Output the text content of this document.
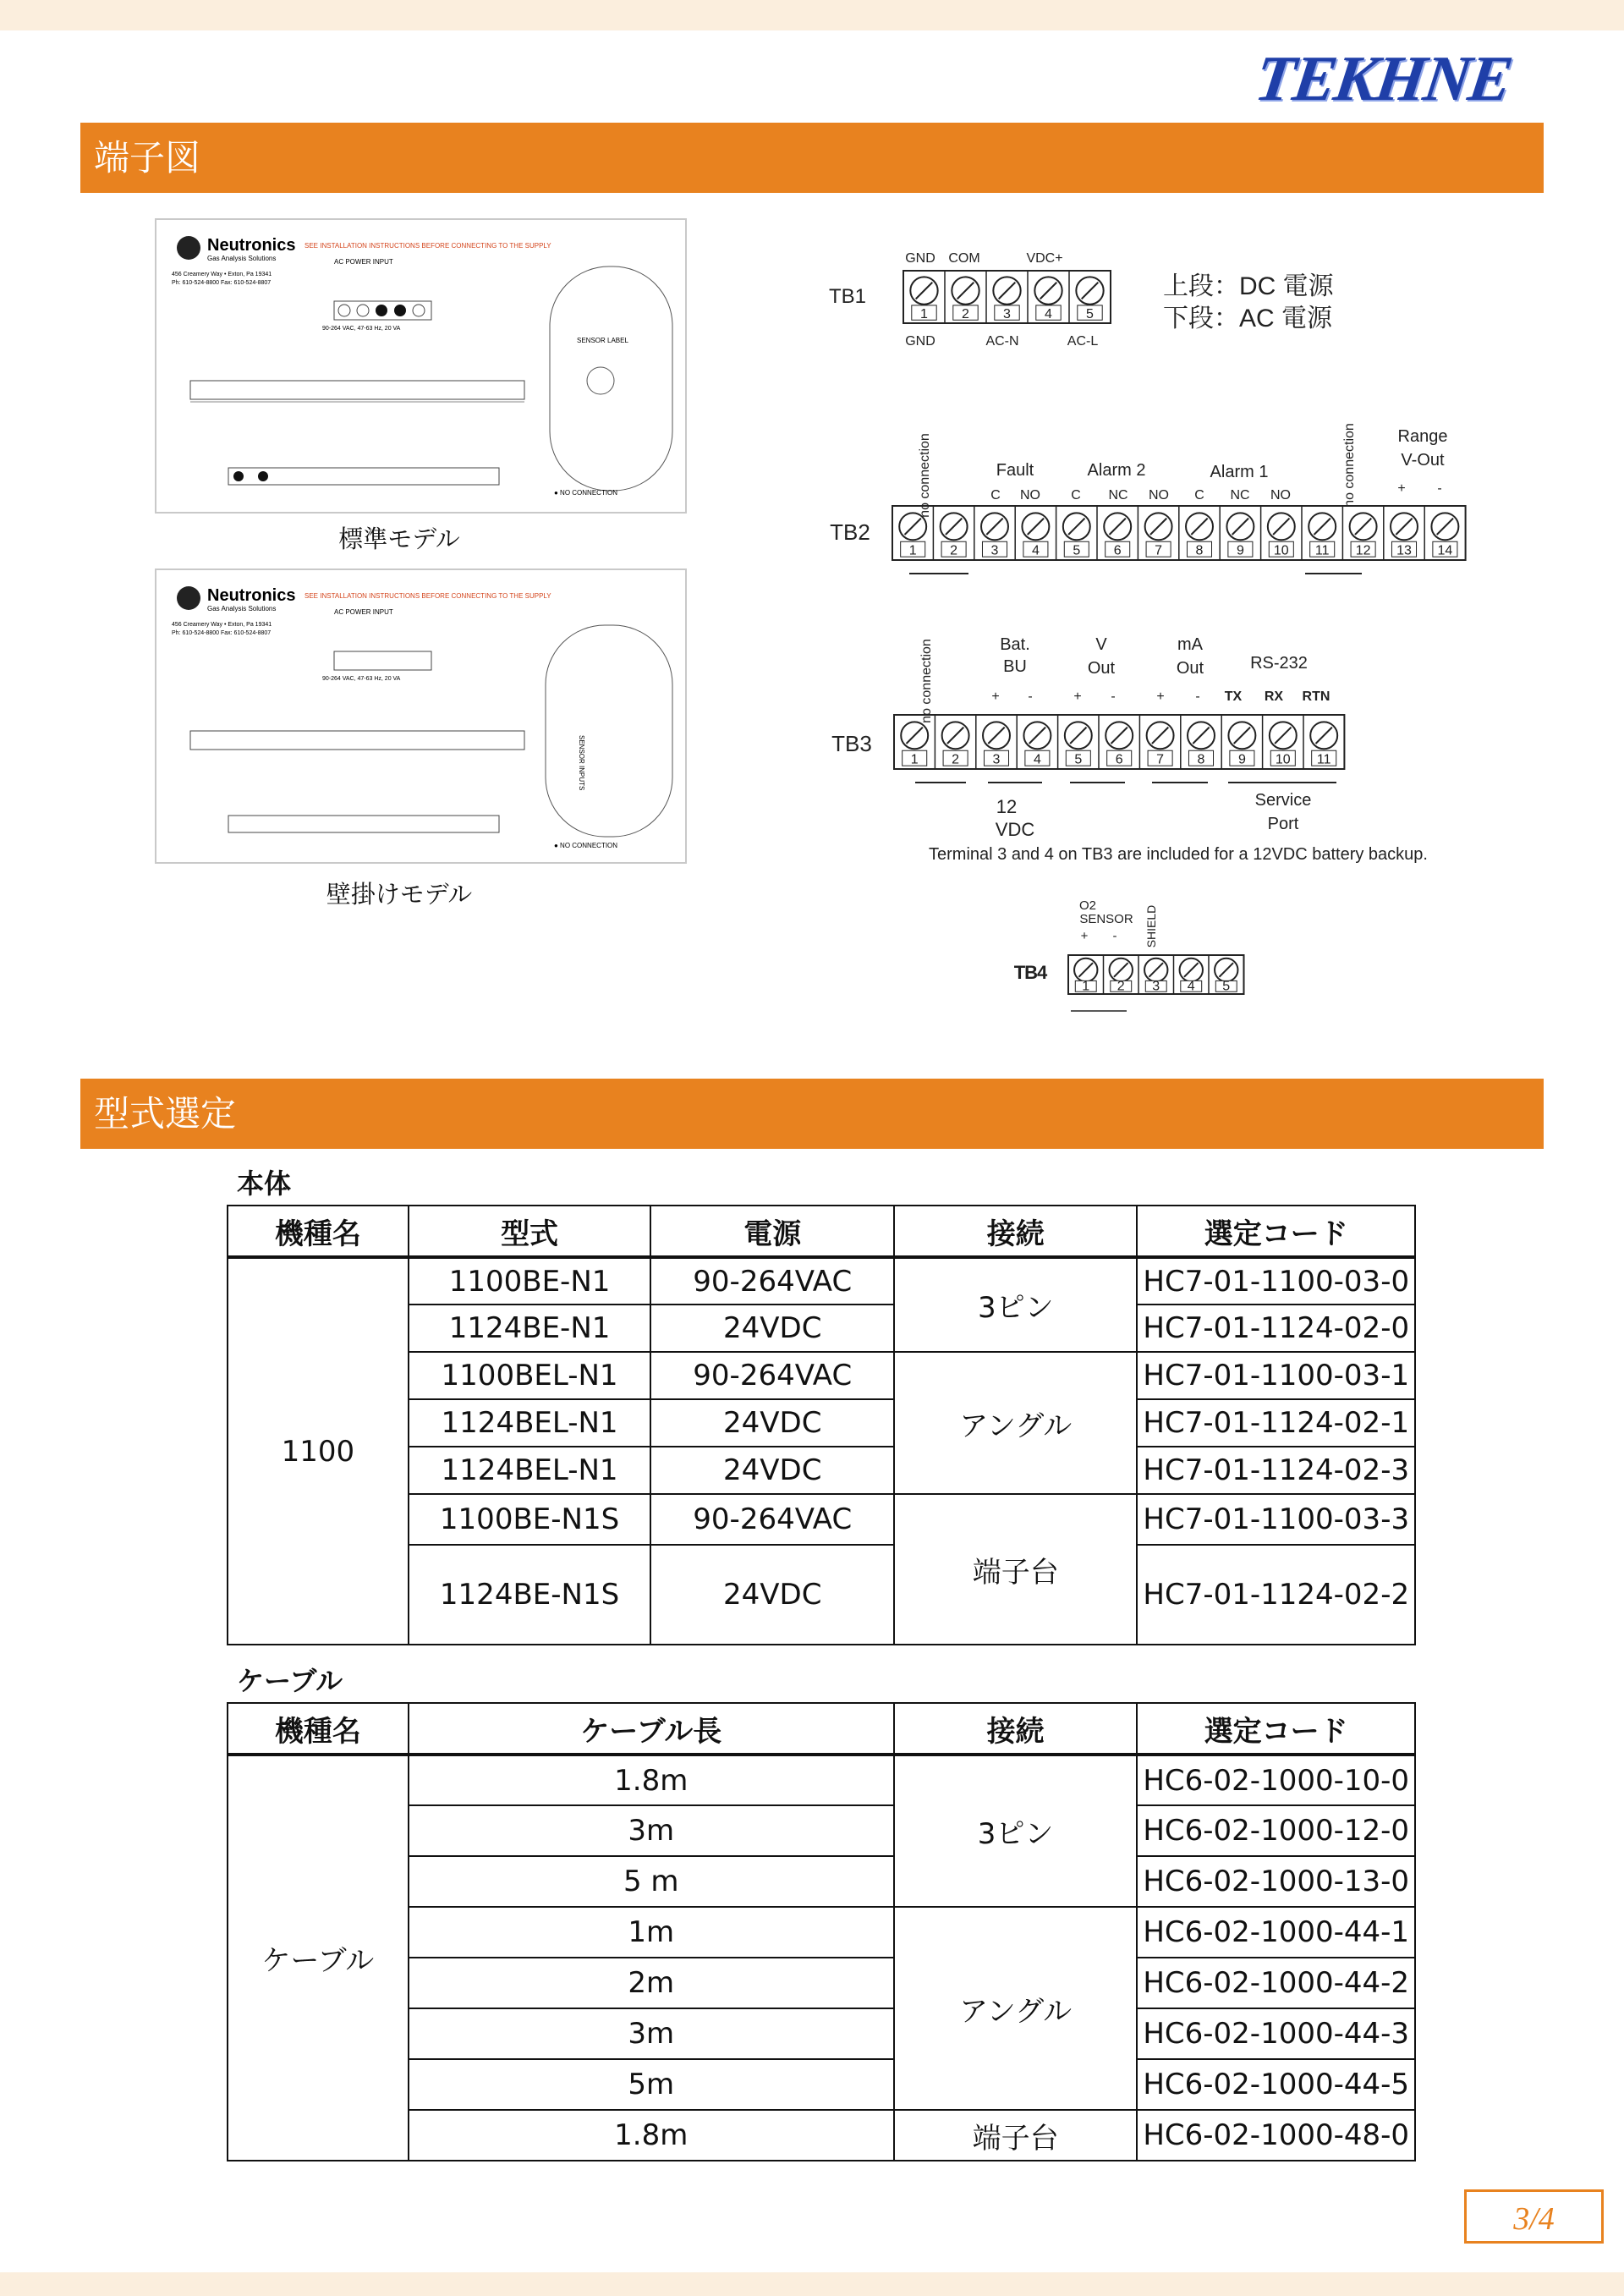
TEKHNE
端子図
Neutronics
Gas Analysis Solutions
SEE INSTALLATION INSTRUCTIONS BEFORE CONNECTING TO THE SUPPLY
AC POWER INPUT
456 Creamery Way • Exton, Pa 19341
Ph: 610-524-8800 Fax: 610-524-8807
90-264 VAC, 47-63 Hz, 20 VA
SENSOR LABEL
● NO CONNECTION
標準モデル
Neutronics
Gas Analysis Solutions
SEE INSTALLATION INSTRUCTIONS BEFORE CONNECTING TO THE SUPPLY
AC POWER INPUT
456 Creamery Way • Exton, Pa 19341
Ph: 610-524-8800 Fax: 610-524-8807
90-264 VAC, 47-63 Hz, 20 VA
SENSOR INPUTS
● NO CONNECTION
壁掛けモデル
TB1
1	2	3	4	5
GND COM	VDC+
GND	AC-N	AC-L
上段：DC 電源
下段：AC 電源
TB2
1 2 3 4 5 6 7 8 9 10 11 12 13 14
no connection	Fault	Alarm 2	Alarm 1	no connection Range
V-Out
C NO C NC NO C NC NO	+ -
TB3
1 2 3 4 5 6 7 8 9 10 11
no connection	Bat.
BU
V
Out
mA
Out	RS-232
+ -	+ -	+ - TX RX RTN
12
VDC
Service
Port
TB4
1 2 3 4 5
O2
SENSOR
+ - SHIELD
Terminal 3 and 4 on TB3 are included for a 12VDC battery backup.
型式選定
本体
機種名	型式	電源	接続	選定コード
1100	1100BE-N1	90-264VAC	3ピン	HC7-01-1100-03-0
	1124BE-N1	24VDC		HC7-01-1124-02-0
	1100BEL-N1	90-264VAC	アングル	HC7-01-1100-03-1
	1124BEL-N1	24VDC		HC7-01-1124-02-1
	1124BEL-N1	24VDC		HC7-01-1124-02-3
	1100BE-N1S	90-264VAC	端子台	HC7-01-1100-03-3
	1124BE-N1S	24VDC		HC7-01-1124-02-2
ケーブル
機種名	ケーブル長	接続	選定コード
ケーブル	1.8m	3ピン	HC6-02-1000-10-0
	3m		HC6-02-1000-12-0
	5 m		HC6-02-1000-13-0
	1m	アングル	HC6-02-1000-44-1
	2m		HC6-02-1000-44-2
	3m		HC6-02-1000-44-3
	5m		HC6-02-1000-44-5
	1.8m	端子台	HC6-02-1000-48-0
3/4
